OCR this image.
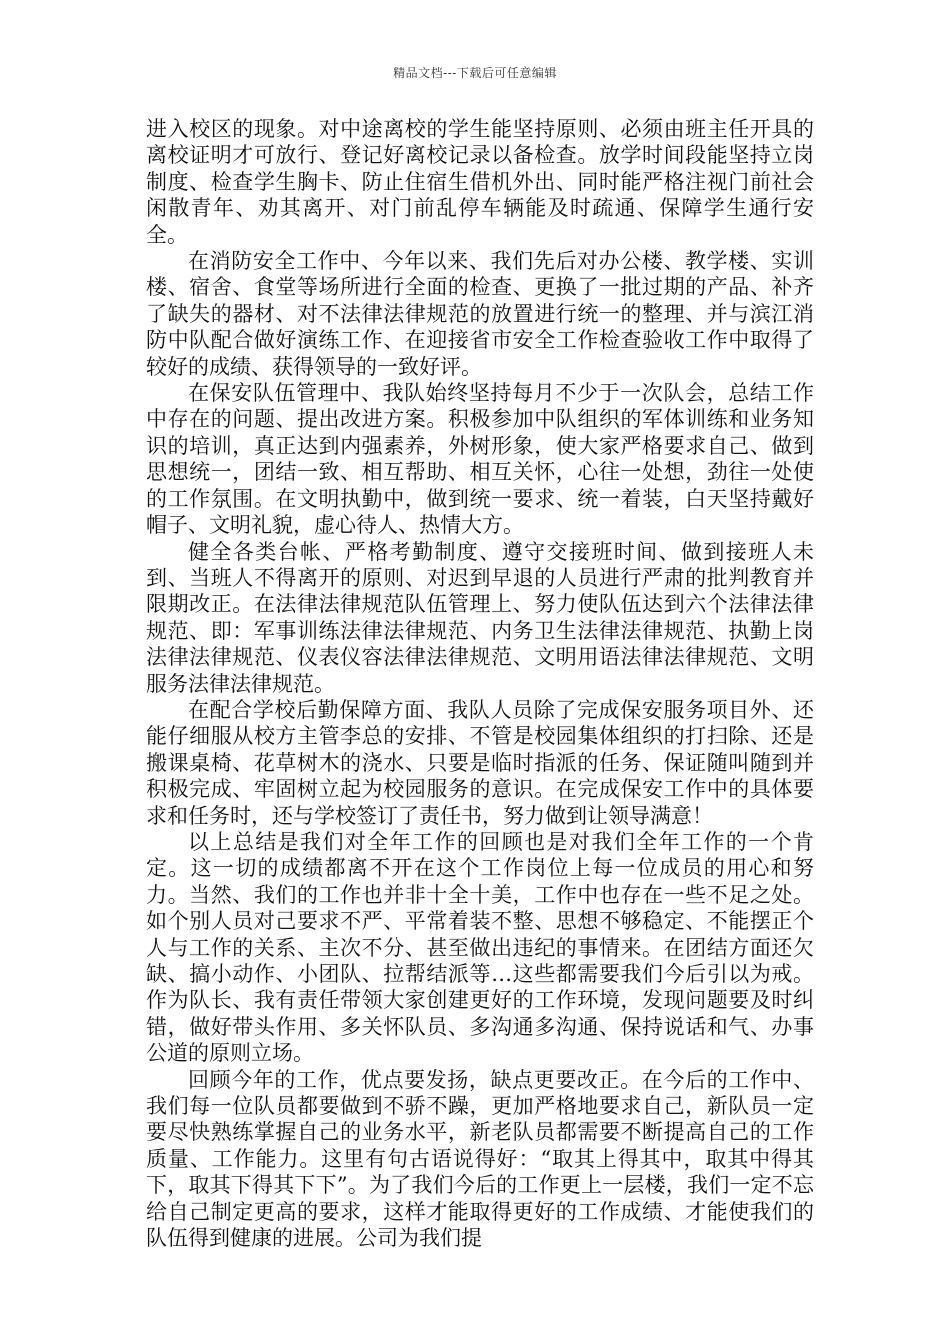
精品文档---下载后可任意编辑

进入校区的现象。对中途离校的学生能坚持原则、必须由班主任开具的离校证明才可放行、登记好离校记录以备检查。放学时间段能坚持立岗制度、检查学生胸卡、防止住宿生借机外出、同时能严格注视门前社会闲散青年、劝其离开、对门前乱停车辆能及时疏通、保障学生通行安全。

在消防安全工作中、今年以来、我们先后对办公楼、教学楼、实训楼、宿舍、食堂等场所进行全面的检查、更换了一批过期的产品、补齐了缺失的器材、对不法律法律规范的放置进行统一的整理、并与滨江消防中队配合做好演练工作、在迎接省市安全工作检查验收工作中取得了较好的成绩、获得领导的一致好评。

在保安队伍管理中、我队始终坚持每月不少于一次队会，总结工作中存在的问题、提出改进方案。积极参加中队组织的军体训练和业务知识的培训，真正达到内强素养，外树形象，使大家严格要求自己、做到思想统一，团结一致、相互帮助、相互关怀，心往一处想，劲往一处使的工作氛围。在文明执勤中，做到统一要求、统一着装，白天坚持戴好帽子、文明礼貌，虚心待人、热情大方。

健全各类台帐、严格考勤制度、遵守交接班时间、做到接班人未到、当班人不得离开的原则、对迟到早退的人员进行严肃的批判教育并限期改正。在法律法律规范队伍管理上、努力使队伍达到六个法律法律规范、即：军事训练法律法律规范、内务卫生法律法律规范、执勤上岗法律法律规范、仪表仪容法律法律规范、文明用语法律法律规范、文明服务法律法律规范。

在配合学校后勤保障方面、我队人员除了完成保安服务项目外、还能仔细服从校方主管李总的安排、不管是校园集体组织的打扫除、还是搬课桌椅、花草树木的浇水、只要是临时指派的任务、保证随叫随到并积极完成、牢固树立起为校园服务的意识。在完成保安工作中的具体要求和任务时，还与学校签订了责任书，努力做到让领导满意！

以上总结是我们对全年工作的回顾也是对我们全年工作的一个肯定。这一切的成绩都离不开在这个工作岗位上每一位成员的用心和努力。当然、我们的工作也并非十全十美，工作中也存在一些不足之处。如个别人员对己要求不严、平常着装不整、思想不够稳定、不能摆正个人与工作的关系、主次不分、甚至做出违纪的事情来。在团结方面还欠缺、搞小动作、小团队、拉帮结派等…这些都需要我们今后引以为戒。作为队长、我有责任带领大家创建更好的工作环境，发现问题要及时纠错，做好带头作用、多关怀队员、多沟通多沟通、保持说话和气、办事公道的原则立场。

回顾今年的工作，优点要发扬，缺点更要改正。在今后的工作中、我们每一位队员都要做到不骄不躁，更加严格地要求自己，新队员一定要尽快熟练掌握自己的业务水平，新老队员都需要不断提高自己的工作质量、工作能力。这里有句古语说得好：“取其上得其中，取其中得其下，取其下得其下下”。为了我们今后的工作更上一层楼，我们一定不忘给自己制定更高的要求，这样才能取得更好的工作成绩、才能使我们的队伍得到健康的进展。公司为我们提
